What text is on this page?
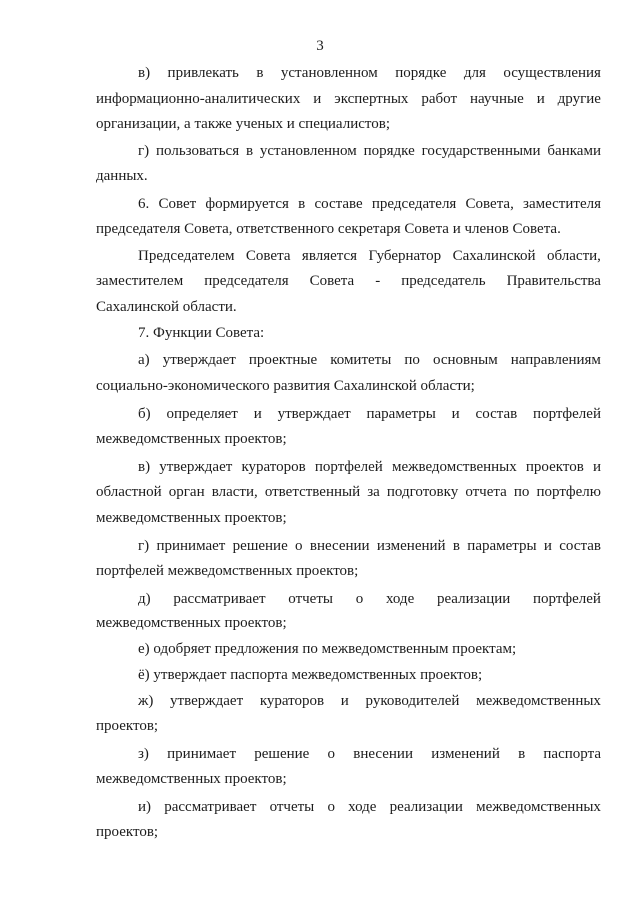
3
в) привлекать в установленном порядке для осуществления
информационно-аналитических и экспертных работ научные и другие
организации, а также ученых и специалистов;
г) пользоваться в установленном порядке государственными банками
данных.
6. Совет формируется в составе председателя Совета, заместителя
председателя Совета, ответственного секретаря Совета и членов Совета.
Председателем Совета является Губернатор Сахалинской области,
заместителем председателя Совета - председатель Правительства
Сахалинской области.
7. Функции Совета:
а) утверждает проектные комитеты по основным направлениям
социально-экономического развития Сахалинской области;
б) определяет и утверждает параметры и состав портфелей
межведомственных проектов;
в) утверждает кураторов портфелей межведомственных проектов и
областной орган власти, ответственный за подготовку отчета по портфелю
межведомственных проектов;
г) принимает решение о внесении изменений в параметры и состав
портфелей межведомственных проектов;
д) рассматривает отчеты о ходе реализации портфелей
межведомственных проектов;
е) одобряет предложения по межведомственным проектам;
ё) утверждает паспорта межведомственных проектов;
ж) утверждает кураторов и руководителей межведомственных
проектов;
з) принимает решение о внесении изменений в паспорта
межведомственных проектов;
и) рассматривает отчеты о ходе реализации межведомственных
проектов;
